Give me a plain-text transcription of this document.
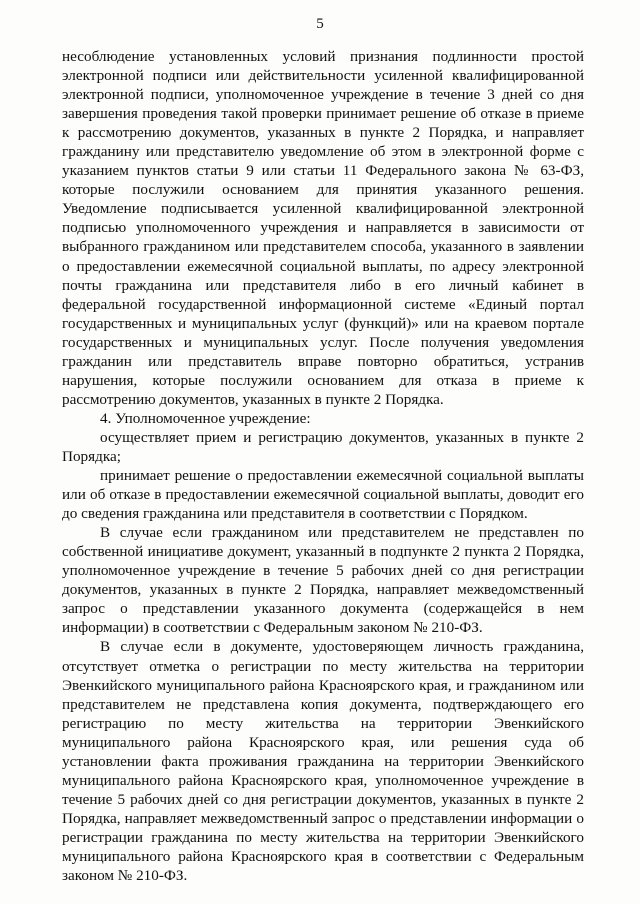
5

несоблюдение установленных условий признания подлинности простой электронной подписи или действительности усиленной квалифицированной электронной подписи, уполномоченное учреждение в течение 3 дней со дня завершения проведения такой проверки принимает решение об отказе в приеме к рассмотрению документов, указанных в пункте 2 Порядка, и направляет гражданину или представителю уведомление об этом в электронной форме с указанием пунктов статьи 9 или статьи 11 Федерального закона № 63-ФЗ, которые послужили основанием для принятия указанного решения. Уведомление подписывается усиленной квалифицированной электронной подписью уполномоченного учреждения и направляется в зависимости от выбранного гражданином или представителем способа, указанного в заявлении о предоставлении ежемесячной социальной выплаты, по адресу электронной почты гражданина или представителя либо в его личный кабинет в федеральной государственной информационной системе «Единый портал государственных и муниципальных услуг (функций)» или на краевом портале государственных и муниципальных услуг. После получения уведомления гражданин или представитель вправе повторно обратиться, устранив нарушения, которые послужили основанием для отказа в приеме к рассмотрению документов, указанных в пункте 2 Порядка.

4. Уполномоченное учреждение:

осуществляет прием и регистрацию документов, указанных в пункте 2 Порядка;

принимает решение о предоставлении ежемесячной социальной выплаты или об отказе в предоставлении ежемесячной социальной выплаты, доводит его до сведения гражданина или представителя в соответствии с Порядком.

В случае если гражданином или представителем не представлен по собственной инициативе документ, указанный в подпункте 2 пункта 2 Порядка, уполномоченное учреждение в течение 5 рабочих дней со дня регистрации документов, указанных в пункте 2 Порядка, направляет межведомственный запрос о представлении указанного документа (содержащейся в нем информации) в соответствии с Федеральным законом № 210-ФЗ.

В случае если в документе, удостоверяющем личность гражданина, отсутствует отметка о регистрации по месту жительства на территории Эвенкийского муниципального района Красноярского края, и гражданином или представителем не представлена копия документа, подтверждающего его регистрацию по месту жительства на территории Эвенкийского муниципального района Красноярского края, или решения суда об установлении факта проживания гражданина на территории Эвенкийского муниципального района Красноярского края, уполномоченное учреждение в течение 5 рабочих дней со дня регистрации документов, указанных в пункте 2 Порядка, направляет межведомственный запрос о представлении информации о регистрации гражданина по месту жительства на территории Эвенкийского муниципального района Красноярского края в соответствии с Федеральным законом № 210-ФЗ.
